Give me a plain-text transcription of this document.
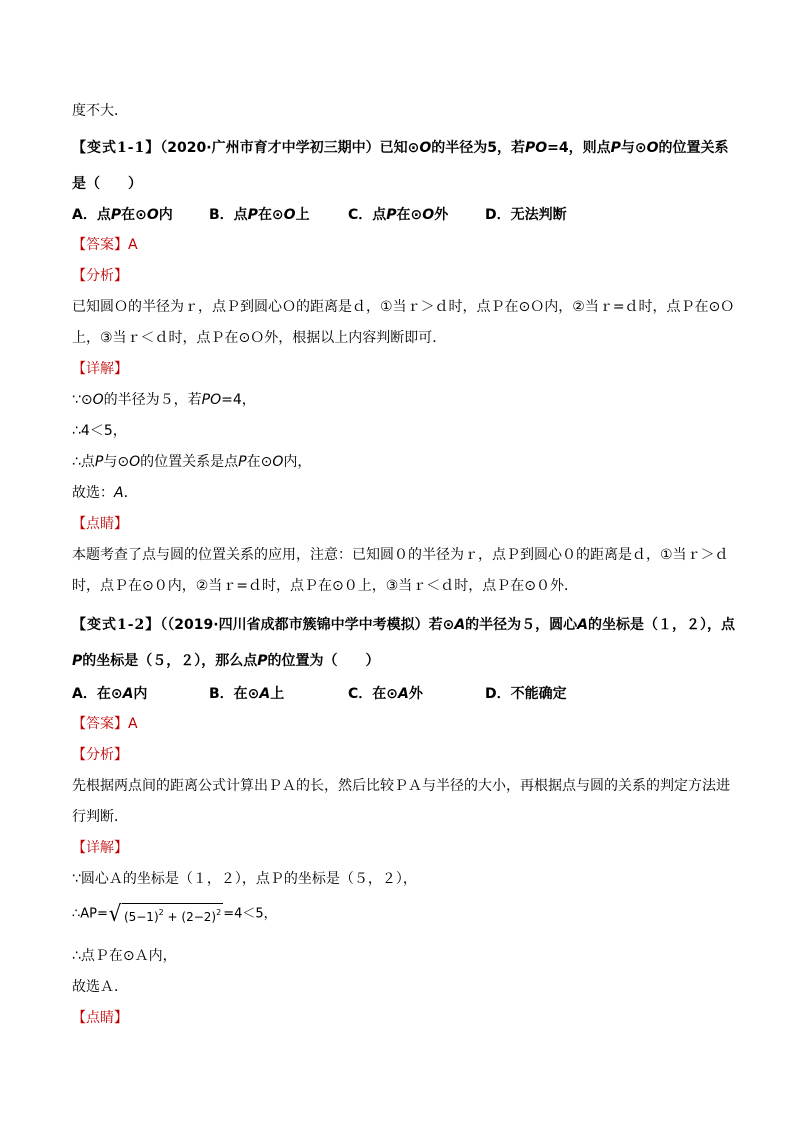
度不大．
【变式1-1】（2020·广州市育才中学初三期中）已知⊙O的半径为5，若PO=4，则点P与⊙O的位置关系
是（　　）
A．点P在⊙O内	B．点P在⊙O上	C．点P在⊙O外	D．无法判断
【答案】A
【分析】
已知圆Ｏ的半径为ｒ，点Ｐ到圆心Ｏ的距离是ｄ，①当ｒ＞ｄ时，点Ｐ在⊙Ｏ内，②当ｒ=ｄ时，点Ｐ在⊙Ｏ
上，③当ｒ＜ｄ时，点Ｐ在⊙Ｏ外，根据以上内容判断即可．
【详解】
∵⊙O的半径为５，若PO=4，
∴4＜5，
∴点P与⊙O的位置关系是点P在⊙O内，
故选：A．
【点睛】
本题考查了点与圆的位置关系的应用，注意：已知圆０的半径为ｒ，点Ｐ到圆心０的距离是ｄ，①当ｒ＞ｄ
时，点Ｐ在⊙０内，②当ｒ=ｄ时，点Ｐ在⊙０上，③当ｒ＜ｄ时，点Ｐ在⊙０外．
【变式1-2】（（2019·四川省成都市簇锦中学中考模拟）若⊙A的半径为５，圆心A的坐标是（１，２），点
P的坐标是（５，２），那么点P的位置为（　　）
A．在⊙A内	B．在⊙A上	C．在⊙A外	D．不能确定
【答案】A
【分析】
先根据两点间的距离公式计算出ＰＡ的长，然后比较ＰＡ与半径的大小，再根据点与圆的关系的判定方法进
行判断．
【详解】
∵圆心Ａ的坐标是（１，２），点Ｐ的坐标是（５，２），
∴AP=√ $(5-1)^2 + (2-2)^2 =4<5$，
∴点Ｐ在⊙Ａ内，
故选Ａ．
【点睛】
